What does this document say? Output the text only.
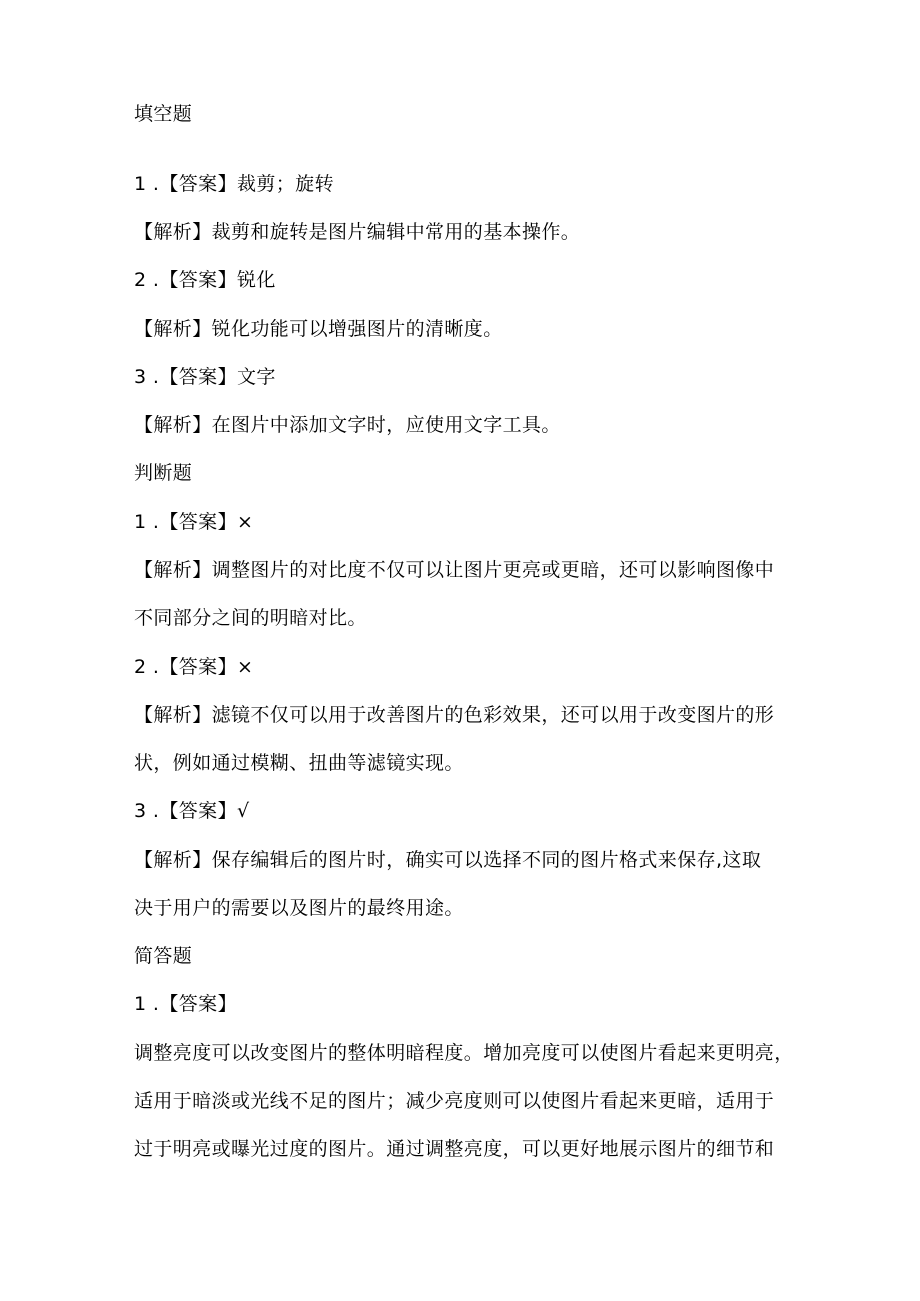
填空题
1 .【答案】裁剪；旋转
【解析】裁剪和旋转是图片编辑中常用的基本操作。
2 .【答案】锐化
【解析】锐化功能可以增强图片的清晰度。
3 .【答案】文字
【解析】在图片中添加文字时，应使用文字工具。
判断题
1 .【答案】×
【解析】调整图片的对比度不仅可以让图片更亮或更暗，还可以影响图像中
不同部分之间的明暗对比。
2 .【答案】×
【解析】滤镜不仅可以用于改善图片的色彩效果，还可以用于改变图片的形
状，例如通过模糊、扭曲等滤镜实现。
3 .【答案】√
【解析】保存编辑后的图片时，确实可以选择不同的图片格式来保存,这取
决于用户的需要以及图片的最终用途。
简答题
1 .【答案】
调整亮度可以改变图片的整体明暗程度。增加亮度可以使图片看起来更明亮，
适用于暗淡或光线不足的图片；减少亮度则可以使图片看起来更暗，适用于
过于明亮或曝光过度的图片。通过调整亮度，可以更好地展示图片的细节和
